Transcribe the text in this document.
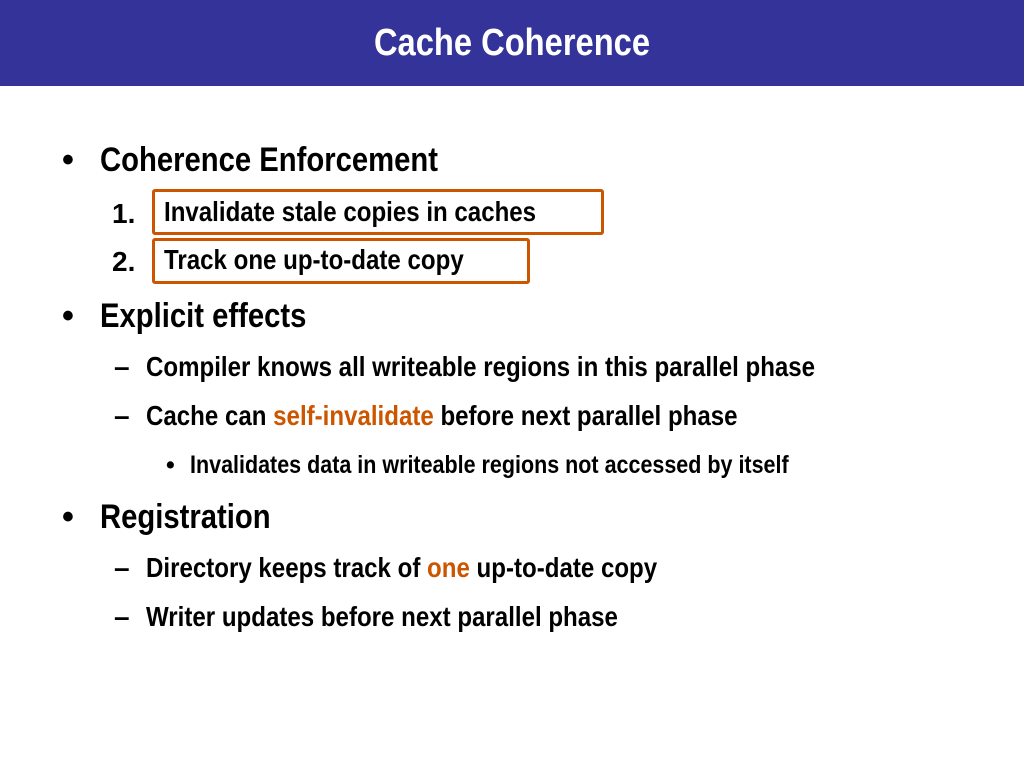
Cache Coherence
• Coherence Enforcement
1. Invalidate stale copies in caches
2. Track one up-to-date copy
• Explicit effects
– Compiler knows all writeable regions in this parallel phase
– Cache can self-invalidate before next parallel phase
• Invalidates data in writeable regions not accessed by itself
• Registration
– Directory keeps track of one up-to-date copy
– Writer updates before next parallel phase
